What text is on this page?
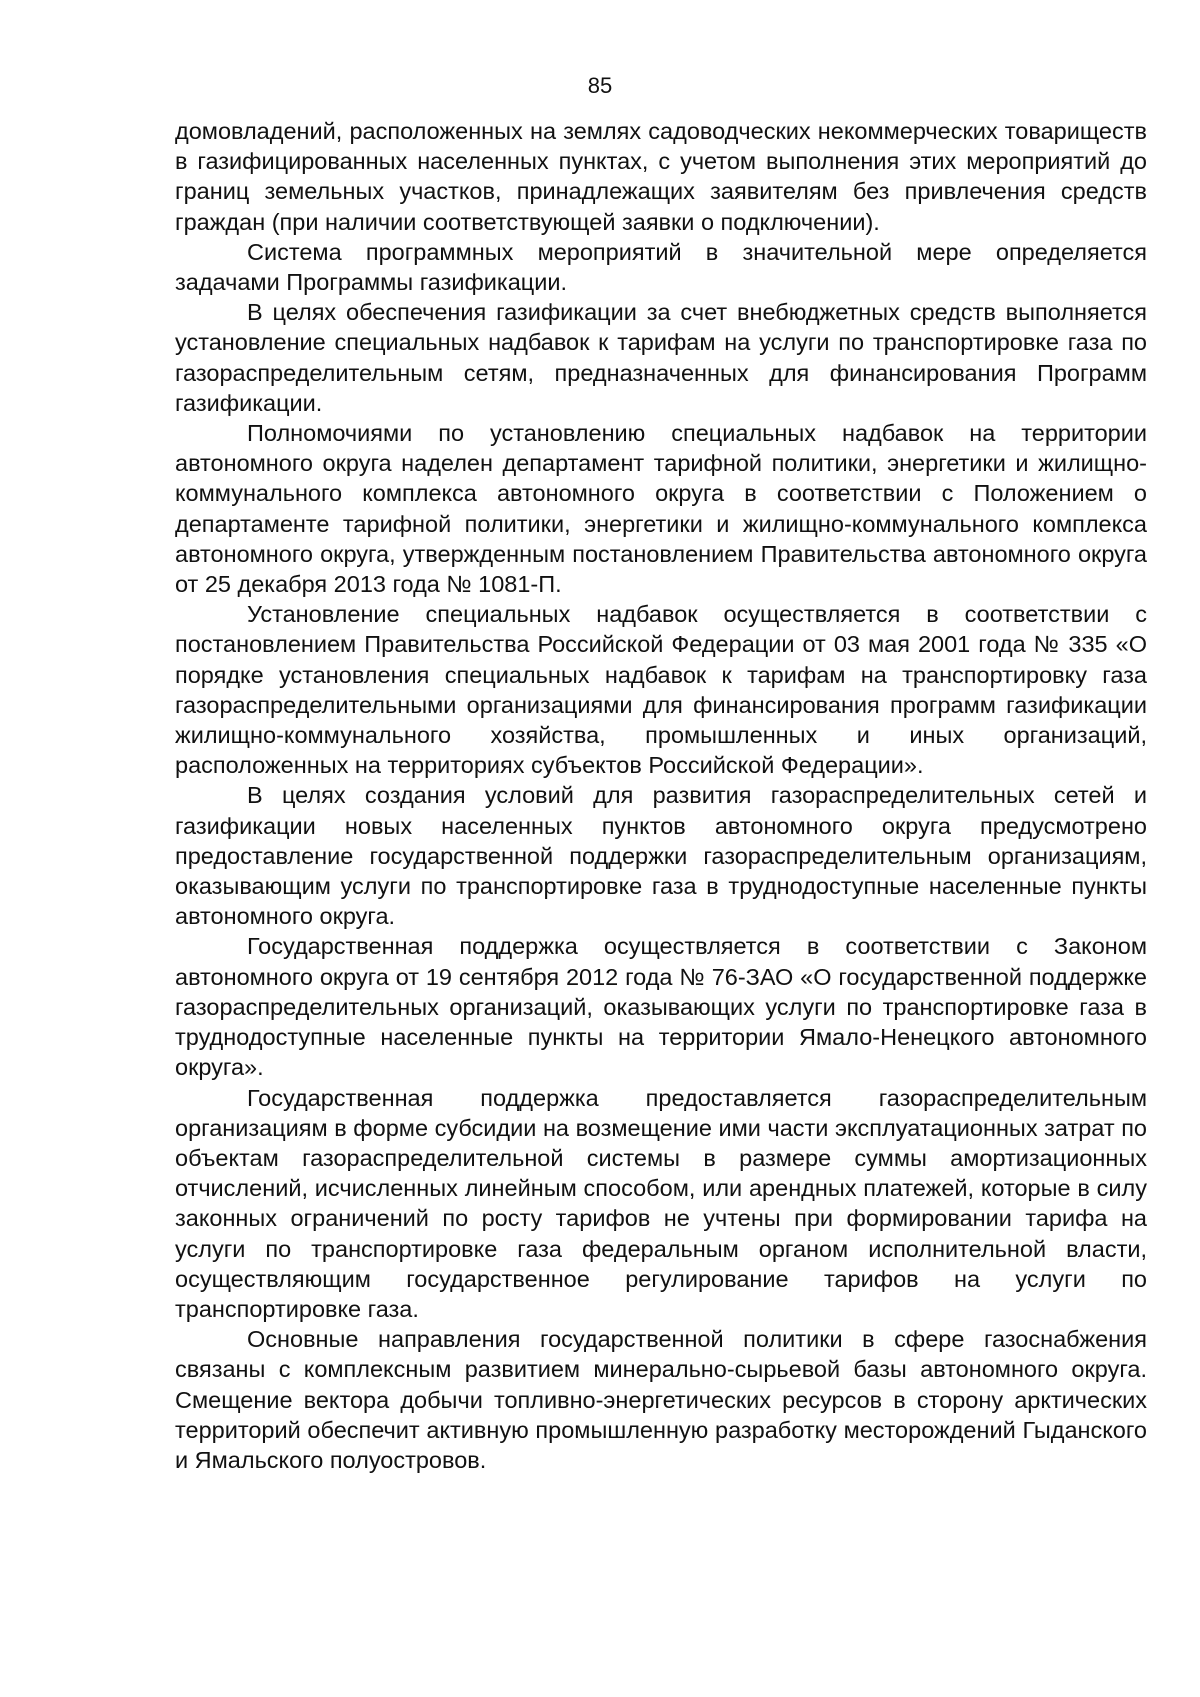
85

домовладений, расположенных на землях садоводческих некоммерческих товариществ в газифицированных населенных пунктах, с учетом выполнения этих мероприятий до границ земельных участков, принадлежащих заявителям без привлечения средств граждан (при наличии соответствующей заявки о подключении).

Система программных мероприятий в значительной мере определяется задачами Программы газификации.

В целях обеспечения газификации за счет внебюджетных средств выполняется установление специальных надбавок к тарифам на услуги по транспортировке газа по газораспределительным сетям, предназначенных для финансирования Программ газификации.

Полномочиями по установлению специальных надбавок на территории автономного округа наделен департамент тарифной политики, энергетики и жилищно-коммунального комплекса автономного округа в соответствии с Положением о департаменте тарифной политики, энергетики и жилищно-коммунального комплекса автономного округа, утвержденным постановлением Правительства автономного округа от 25 декабря 2013 года № 1081-П.

Установление специальных надбавок осуществляется в соответствии с постановлением Правительства Российской Федерации от 03 мая 2001 года № 335 «О порядке установления специальных надбавок к тарифам на транспортировку газа газораспределительными организациями для финансирования программ газификации жилищно-коммунального хозяйства, промышленных и иных организаций, расположенных на территориях субъектов Российской Федерации».

В целях создания условий для развития газораспределительных сетей и газификации новых населенных пунктов автономного округа предусмотрено предоставление государственной поддержки газораспределительным организациям, оказывающим услуги по транспортировке газа в труднодоступные населенные пункты автономного округа.

Государственная поддержка осуществляется в соответствии с Законом автономного округа от 19 сентября 2012 года № 76-ЗАО «О государственной поддержке газораспределительных организаций, оказывающих услуги по транспортировке газа в труднодоступные населенные пункты на территории Ямало-Ненецкого автономного округа».

Государственная поддержка предоставляется газораспределительным организациям в форме субсидии на возмещение ими части эксплуатационных затрат по объектам газораспределительной системы в размере суммы амортизационных отчислений, исчисленных линейным способом, или арендных платежей, которые в силу законных ограничений по росту тарифов не учтены при формировании тарифа на услуги по транспортировке газа федеральным органом исполнительной власти, осуществляющим государственное регулирование тарифов на услуги по транспортировке газа.

Основные направления государственной политики в сфере газоснабжения связаны с комплексным развитием минерально-сырьевой базы автономного округа. Смещение вектора добычи топливно-энергетических ресурсов в сторону арктических территорий обеспечит активную промышленную разработку месторождений Гыданского и Ямальского полуостровов.
